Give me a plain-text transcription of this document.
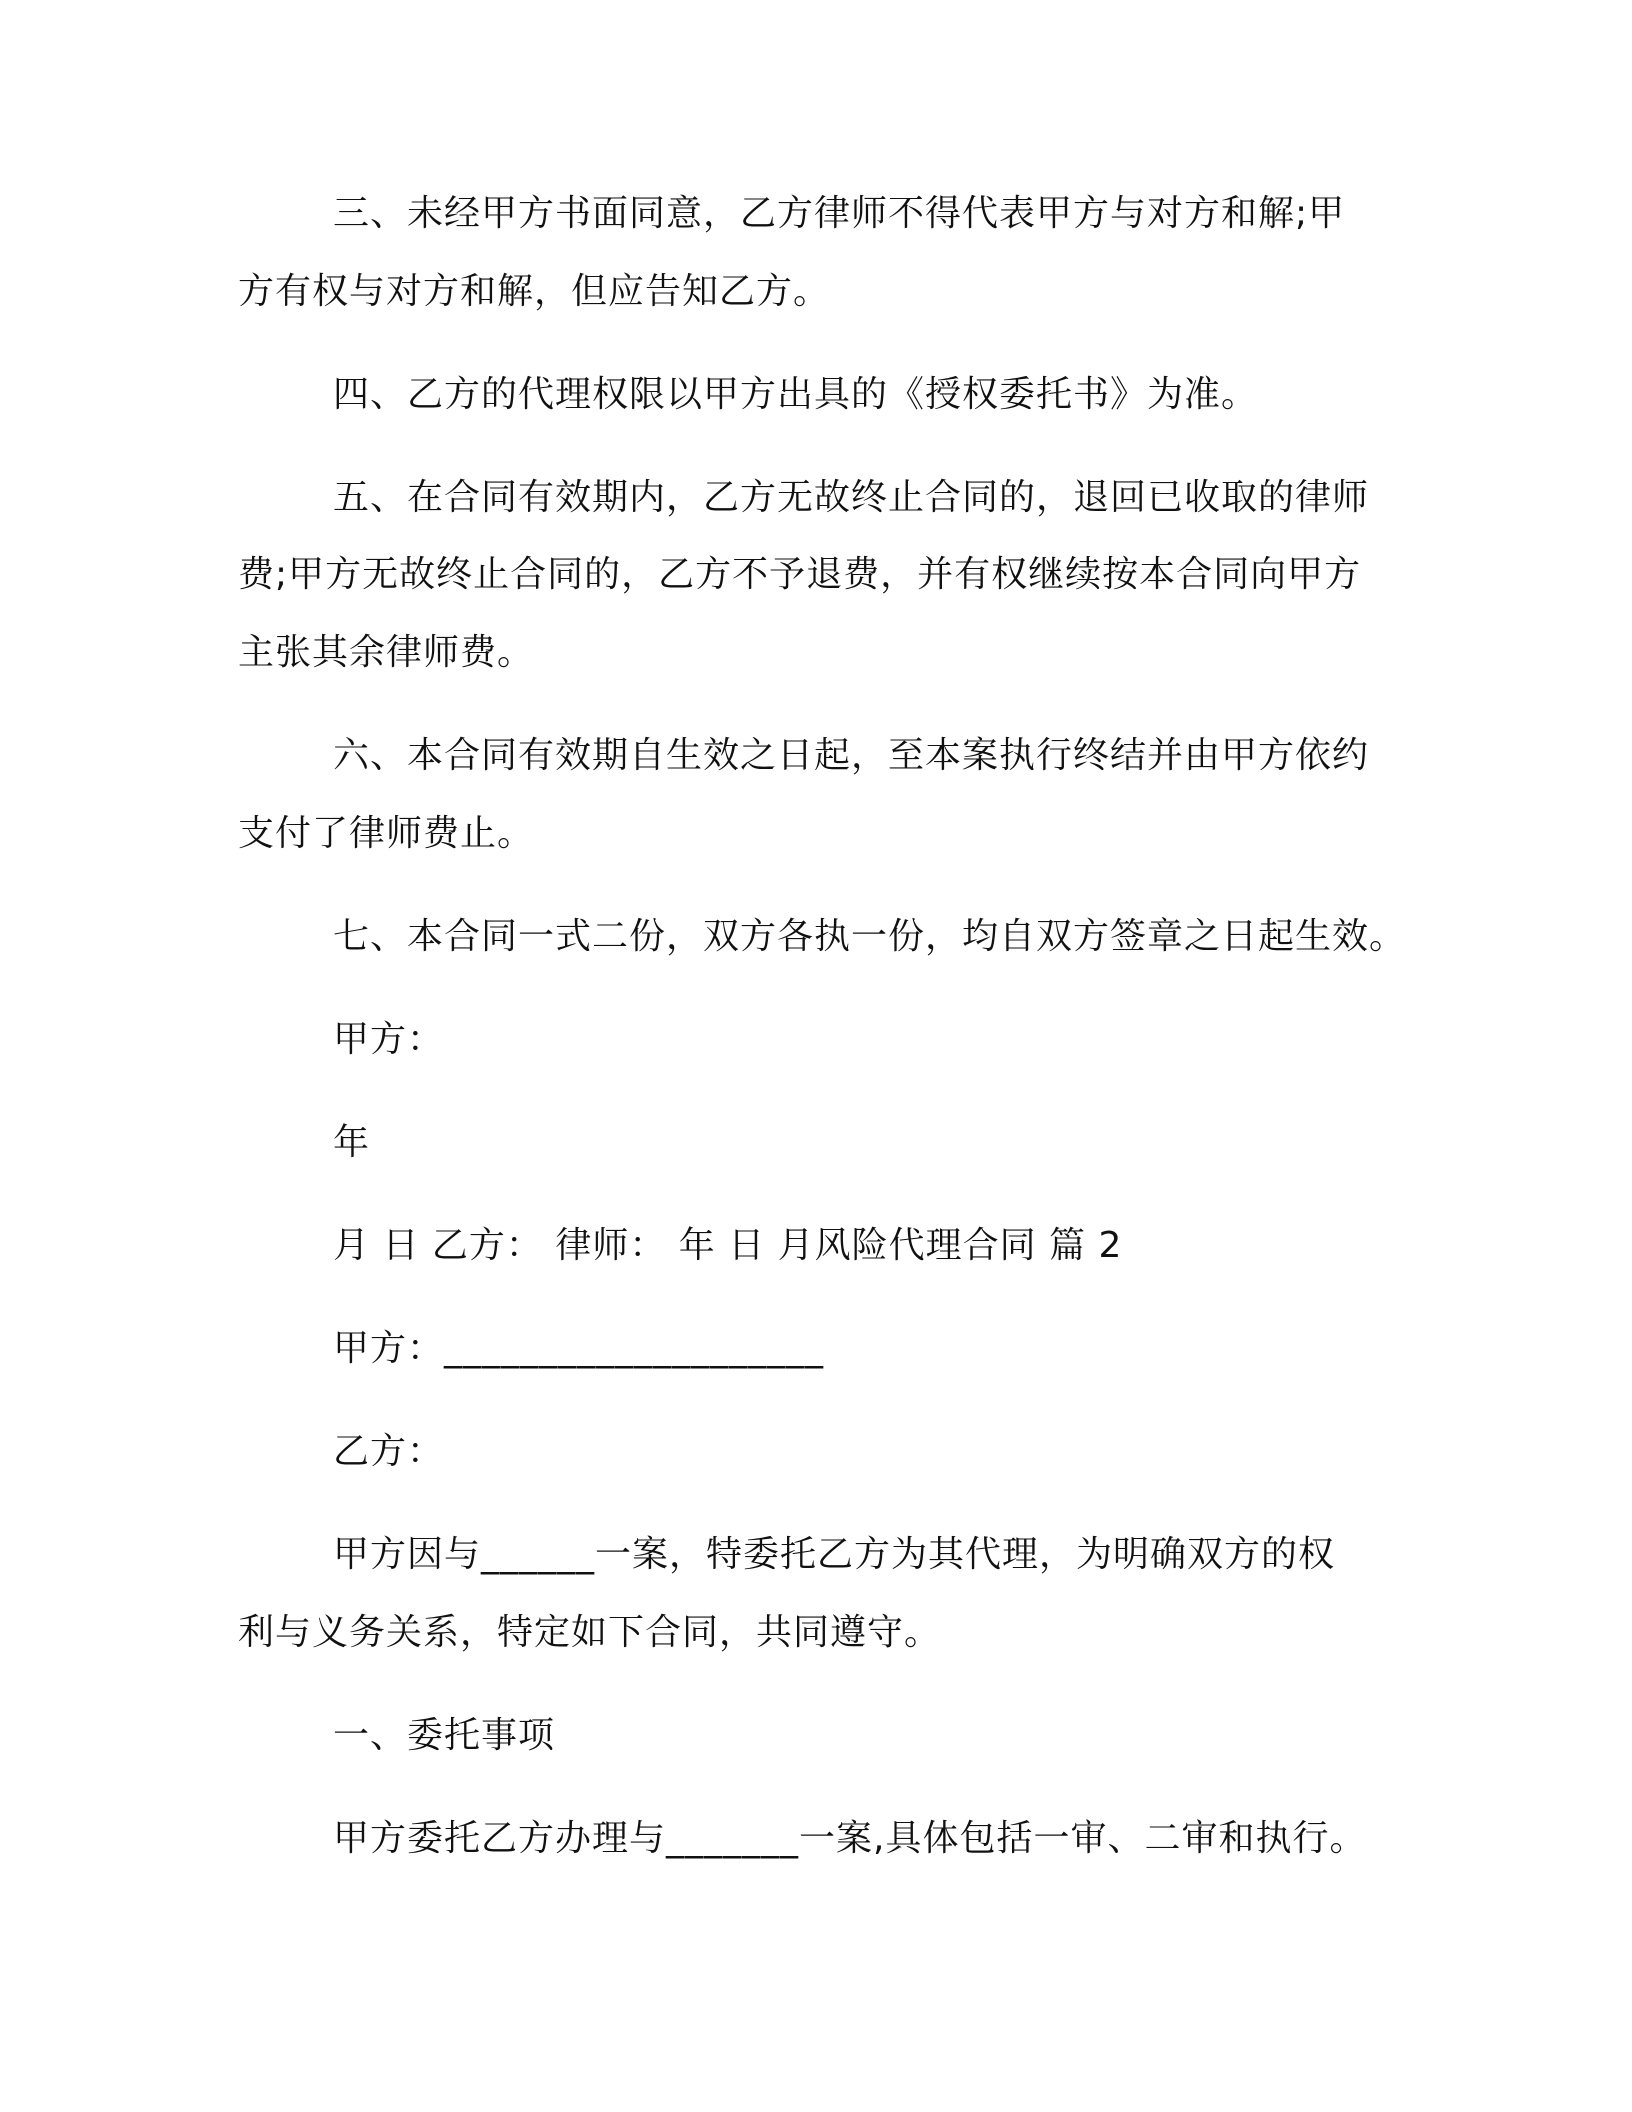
三、未经甲方书面同意，乙方律师不得代表甲方与对方和解;甲
方有权与对方和解，但应告知乙方。
四、乙方的代理权限以甲方出具的《授权委托书》为准。
五、在合同有效期内，乙方无故终止合同的，退回已收取的律师
费;甲方无故终止合同的，乙方不予退费，并有权继续按本合同向甲方
主张其余律师费。
六、本合同有效期自生效之日起，至本案执行终结并由甲方依约
支付了律师费止。
七、本合同一式二份，双方各执一份，均自双方签章之日起生效。
甲方：
年
月 日 乙方： 律师： 年 日 月风险代理合同 篇 2
甲方：____________________
乙方：
甲方因与______一案，特委托乙方为其代理，为明确双方的权
利与义务关系，特定如下合同，共同遵守。
一、委托事项
甲方委托乙方办理与_______一案,具体包括一审、二审和执行。
